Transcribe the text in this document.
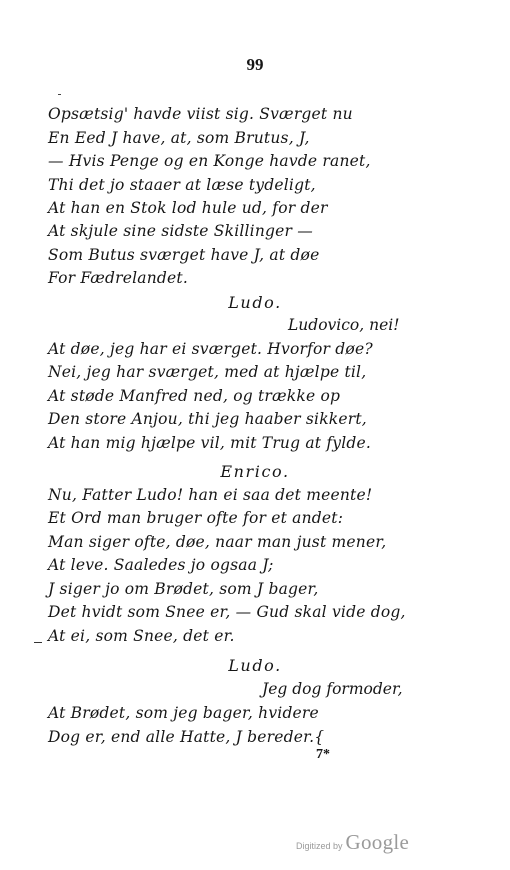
99
Opsætsig' havde viist sig. Sværget nu
En Eed J have, at, som Brutus, J,
— Hvis Penge og en Konge havde ranet,
Thi det jo staaer at læse tydeligt,
At han en Stok lod hule ud, for der
At skjule sine sidste Skillinger —
Som Butus sværget have J, at døe
For Fædrelandet.
Ludo.
Ludovico, nei!
At døe, jeg har ei sværget. Hvorfor døe?
Nei, jeg har sværget, med at hjælpe til,
At støde Manfred ned, og trække op
Den store Anjou, thi jeg haaber sikkert,
At han mig hjælpe vil, mit Trug at fylde.
Enrico.
Nu, Fatter Ludo! han ei saa det meente!
Et Ord man bruger ofte for et andet:
Man siger ofte, døe, naar man just mener,
At leve. Saaledes jo ogsaa J;
J siger jo om Brødet, som J bager,
Det hvidt som Snee er, — Gud skal vide dog,
At ei, som Snee, det er.
Ludo.
Jeg dog formoder,
At Brødet, som jeg bager, hvidere
Dog er, end alle Hatte, J bereder.{
7*
Digitized by Google
